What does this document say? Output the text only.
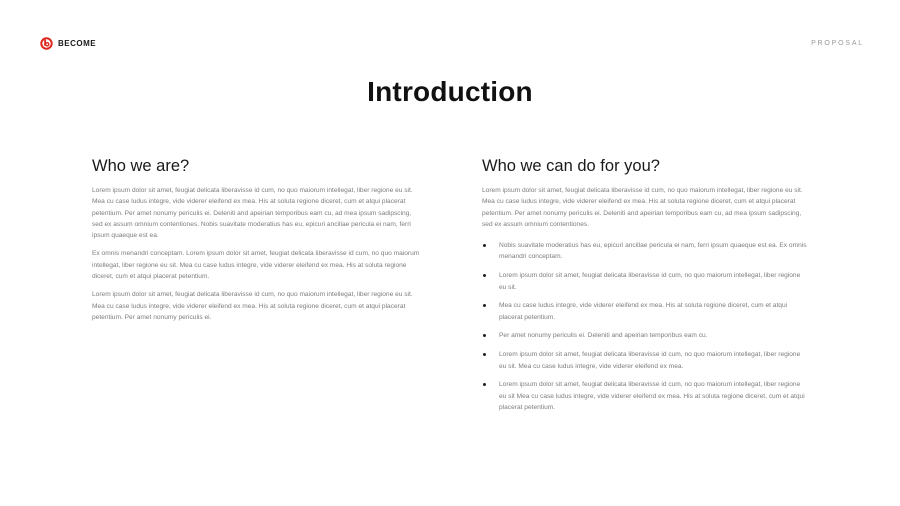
BECOME	PROPOSAL
Introduction
Who we are?

Lorem ipsum dolor sit amet, feugiat delicata liberavisse id cum, no quo maiorum intellegat, liber regione eu sit. Mea cu case ludus integre, vide viderer eleifend ex mea. His at soluta regione diceret, cum et atqui placerat petentium. Per amet nonumy periculis ei. Deleniti and apeirian temporibus eam cu, ad mea ipsum sadipscing, sed ex assum omnium contentiones. Nobis suavitate moderatius has eu, epicuri ancillae pericula ei nam, ferri ipsum quaeque est ea.

Ex omnis menandri conceptam. Lorem ipsum dolor sit amet, feugiat delicata liberavisse id cum, no quo maiorum intellegat, liber regione eu sit. Mea cu case ludus integre, vide viderer eleifend ex mea. His at soluta regione diceret, cum et atqui placerat petentium.

Lorem ipsum dolor sit amet, feugiat delicata liberavisse id cum, no quo maiorum intellegat, liber regione eu sit. Mea cu case ludus integre, vide viderer eleifend ex mea. His at soluta regione diceret, cum et atqui placerat petentium. Per amet nonumy periculis ei.

Who we can do for you?

Lorem ipsum dolor sit amet, feugiat delicata liberavisse id cum, no quo maiorum intellegat, liber regione eu sit. Mea cu case ludus integre, vide viderer eleifend ex mea. His at soluta regione diceret, cum et atqui placerat petentium. Per amet nonumy periculis ei. Deleniti and apeirian temporibus eam cu, ad mea ipsum sadipscing, sed ex assum omnium contentiones.

Nobis suavitate moderatius has eu, epicuri ancillae pericula ei nam, ferri ipsum quaeque est ea. Ex omnis menandri conceptam.
Lorem ipsum dolor sit amet, feugiat delicata liberavisse id cum, no quo maiorum intellegat, liber regione eu sit.
Mea cu case ludus integre, vide viderer eleifend ex mea. His at soluta regione diceret, cum et atqui placerat petentium.
Per amet nonumy periculis ei. Deleniti and apeirian temporibus eam cu.
Lorem ipsum dolor sit amet, feugiat delicata liberavisse id cum, no quo maiorum intellegat, liber regione eu sit. Mea cu case ludus integre, vide viderer eleifend ex mea.
Lorem ipsum dolor sit amet, feugiat delicata liberavisse id cum, no quo maiorum intellegat, liber regione eu sit Mea cu case ludus integre, vide viderer eleifend ex mea. His at soluta regione diceret, cum et atqui placerat petentium.
